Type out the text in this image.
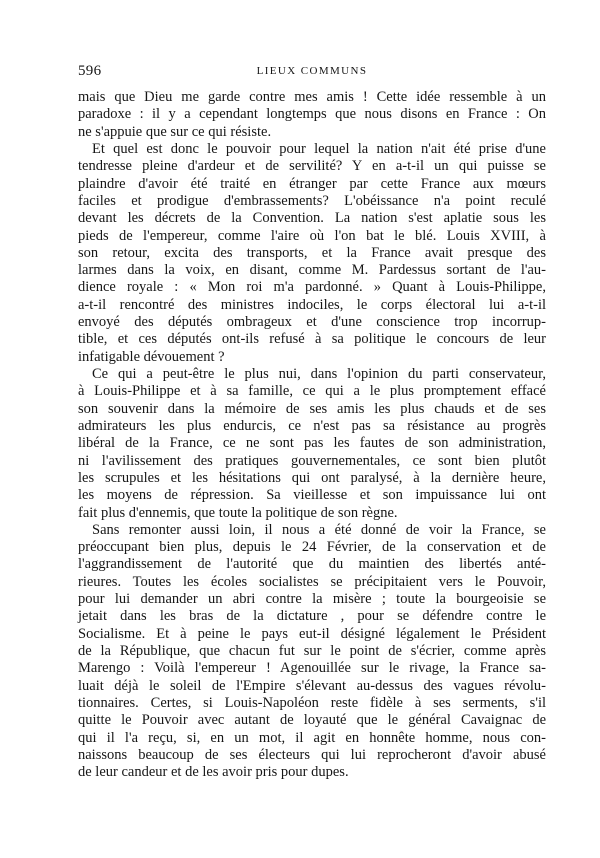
596	LIEUX COMMUNS
mais que Dieu me garde contre mes amis ! Cette idée ressemble à un
paradoxe : il y a cependant longtemps que nous disons en France : On
ne s'appuie que sur ce qui résiste.
Et quel est donc le pouvoir pour lequel la nation n'ait été prise d'une
tendresse pleine d'ardeur et de servilité? Y en a-t-il un qui puisse se
plaindre d'avoir été traité en étranger par cette France aux mœurs
faciles et prodigue d'embrassements? L'obéissance n'a point reculé
devant les décrets de la Convention. La nation s'est aplatie sous les
pieds de l'empereur, comme l'aire où l'on bat le blé. Louis XVIII, à
son retour, excita des transports, et la France avait presque des
larmes dans la voix, en disant, comme M. Pardessus sortant de l'au-
dience royale : « Mon roi m'a pardonné. » Quant à Louis-Philippe,
a-t-il rencontré des ministres indociles, le corps électoral lui a-t-il
envoyé des députés ombrageux et d'une conscience trop incorrup-
tible, et ces députés ont-ils refusé à sa politique le concours de leur
infatigable dévouement ?
Ce qui a peut-être le plus nui, dans l'opinion du parti conservateur,
à Louis-Philippe et à sa famille, ce qui a le plus promptement effacé
son souvenir dans la mémoire de ses amis les plus chauds et de ses
admirateurs les plus endurcis, ce n'est pas sa résistance au progrès
libéral de la France, ce ne sont pas les fautes de son administration,
ni l'avilissement des pratiques gouvernementales, ce sont bien plutôt
les scrupules et les hésitations qui ont paralysé, à la dernière heure,
les moyens de répression. Sa vieillesse et son impuissance lui ont
fait plus d'ennemis, que toute la politique de son règne.
Sans remonter aussi loin, il nous a été donné de voir la France, se
préoccupant bien plus, depuis le 24 Février, de la conservation et de
l'aggrandissement de l'autorité que du maintien des libertés anté-
rieures. Toutes les écoles socialistes se précipitaient vers le Pouvoir,
pour lui demander un abri contre la misère ; toute la bourgeoisie se
jetait dans les bras de la dictature , pour se défendre contre le
Socialisme. Et à peine le pays eut-il désigné légalement le Président
de la République, que chacun fut sur le point de s'écrier, comme après
Marengo : Voilà l'empereur ! Agenouillée sur le rivage, la France sa-
luait déjà le soleil de l'Empire s'élevant au-dessus des vagues révolu-
tionnaires. Certes, si Louis-Napoléon reste fidèle à ses serments, s'il
quitte le Pouvoir avec autant de loyauté que le général Cavaignac de
qui il l'a reçu, si, en un mot, il agit en honnête homme, nous con-
naissons beaucoup de ses électeurs qui lui reprocheront d'avoir abusé
de leur candeur et de les avoir pris pour dupes.
